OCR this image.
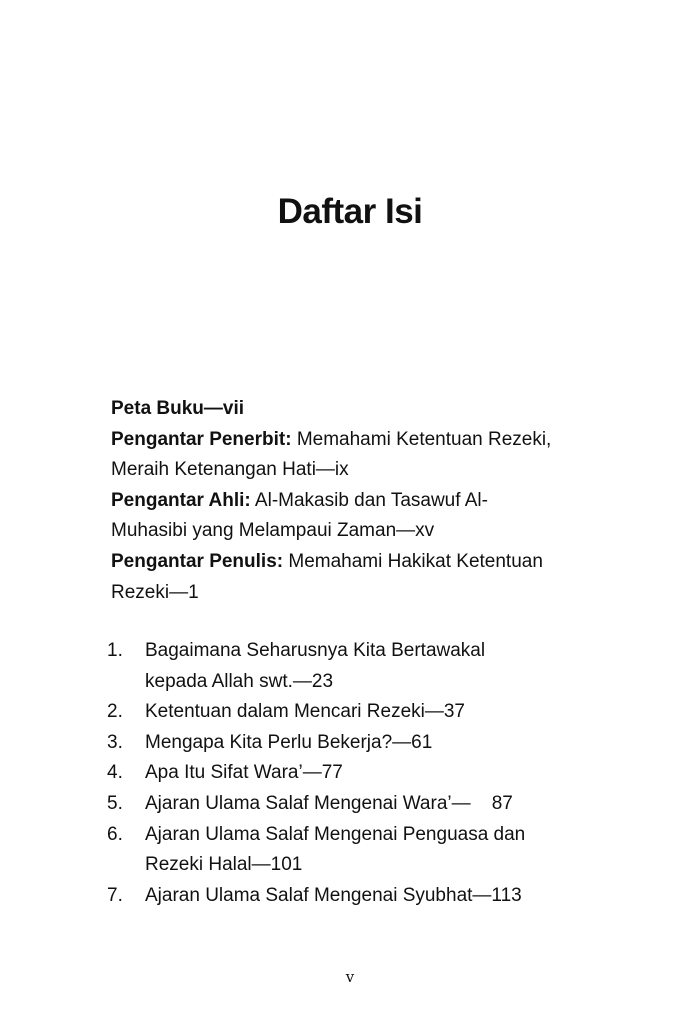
Daftar Isi
Peta Buku—vii
Pengantar Penerbit: Memahami Ketentuan Rezeki,
Meraih Ketenangan Hati—ix
Pengantar Ahli: Al-Makasib dan Tasawuf Al-
Muhasibi yang Melampaui Zaman—xv
Pengantar Penulis: Memahami Hakikat Ketentuan
Rezeki—1
1.	Bagaimana Seharusnya Kita Bertawakal
kepada Allah swt.—23
2.	Ketentuan dalam Mencari Rezeki—37
3.	Mengapa Kita Perlu Bekerja?—61
4.	Apa Itu Sifat Wara’—77
5.	Ajaran Ulama Salaf Mengenai Wara’—    87
6.	Ajaran Ulama Salaf Mengenai Penguasa dan
Rezeki Halal—101
7.	Ajaran Ulama Salaf Mengenai Syubhat—113
v
